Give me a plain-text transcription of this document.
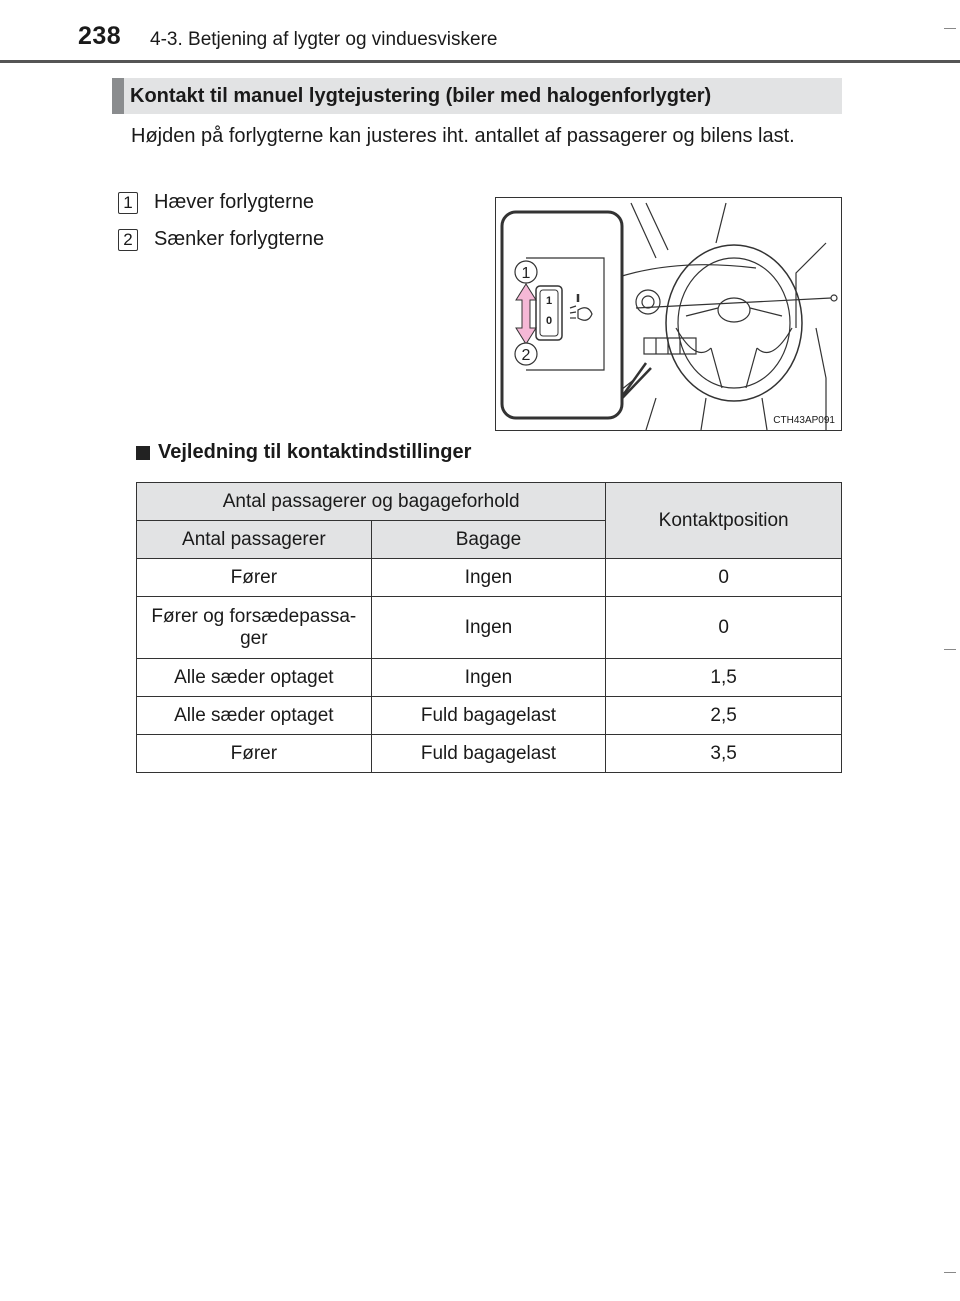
238 4-3. Betjening af lygter og vinduesviskere
Kontakt til manuel lygtejustering (biler med halogenforlygter)

Højden på forlygterne kan justeres iht. antallet af passagerer og bilens last.

1 Hæver forlygterne
2 Sænker forlygterne
1
2
1
0
CTH43AP091
Vejledning til kontaktindstillinger
Antal passagerer og bagageforhold		Kontaktposition
Antal passagerer	Bagage	
Fører	Ingen	0
Fører og forsædepassa-
ger	Ingen	0
Alle sæder optaget	Ingen	1,5
Alle sæder optaget	Fuld bagagelast	2,5
Fører	Fuld bagagelast	3,5
